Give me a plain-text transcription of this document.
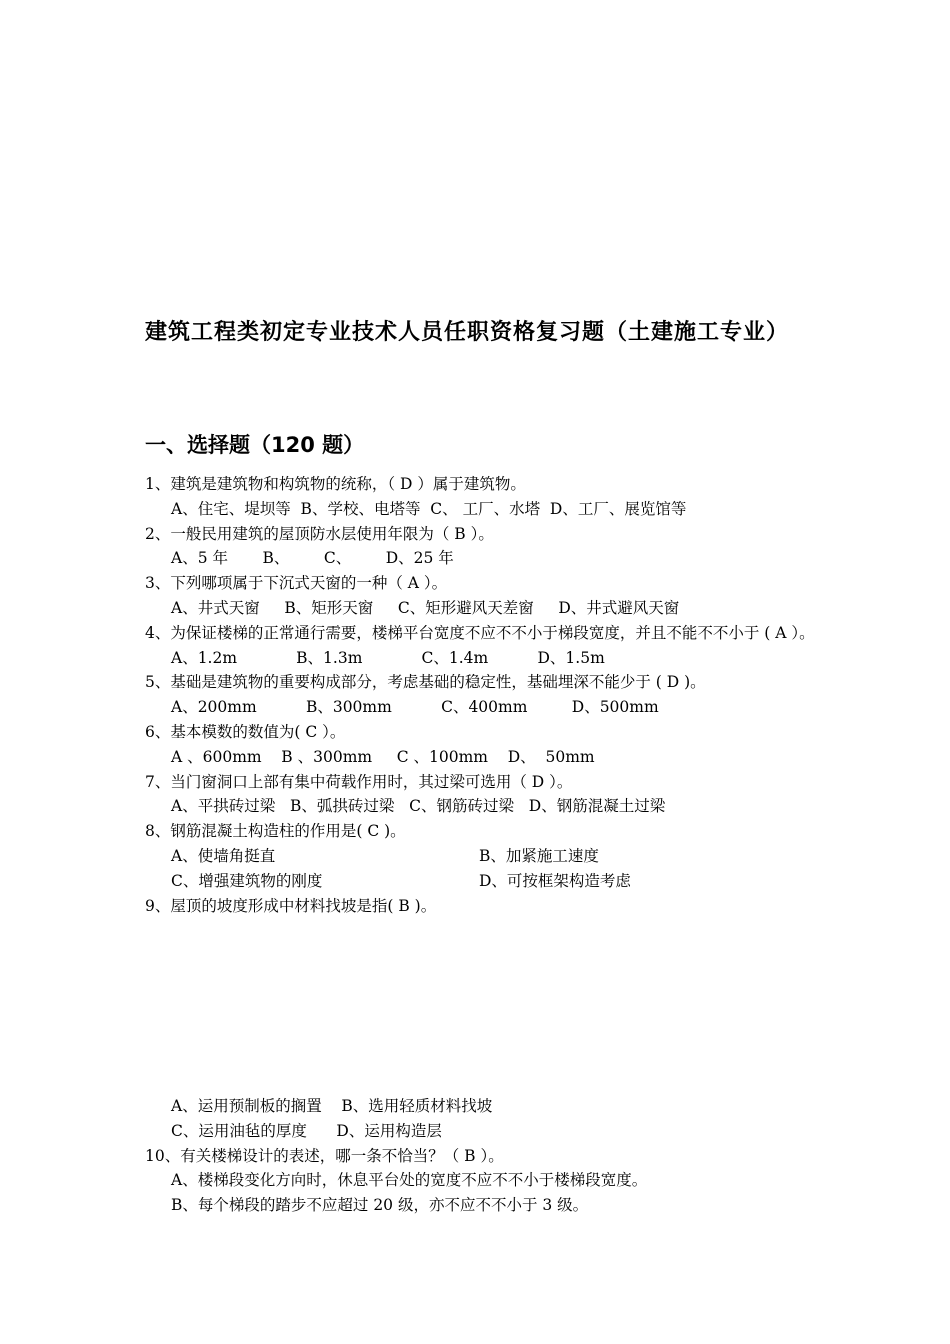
建筑工程类初定专业技术人员任职资格复习题（土建施工专业）
一、选择题（120 题）
1、建筑是建筑物和构筑物的统称，（ D ）属于建筑物。
A、住宅、堤坝等  B、学校、电塔等  C、 工厂、水塔  D、工厂、展览馆等
2、一般民用建筑的屋顶防水层使用年限为（ B ）。
A、5 年       B、       C、       D、25 年
3、下列哪项属于下沉式天窗的一种（ A ）。
A、井式天窗     B、矩形天窗     C、矩形避风天差窗     D、井式避风天窗
4、为保证楼梯的正常通行需要，楼梯平台宽度不应不不小于梯段宽度，并且不能不不小于 ( A ）。
A、1.2m            B、1.3m            C、1.4m          D、1.5m
5、基础是建筑物的重要构成部分，考虑基础的稳定性，基础埋深不能少于 ( D )。
A、200mm          B、300mm          C、400mm         D、500mm
6、基本模数的数值为( C ）。
A 、600mm    B 、300mm     C 、100mm    D、  50mm
7、当门窗洞口上部有集中荷载作用时，其过梁可选用（ D ）。
A、平拱砖过梁   B、弧拱砖过梁   C、钢筋砖过梁   D、钢筋混凝土过梁
8、钢筋混凝土构造柱的作用是( C )。
A、使墙角挺直	B、加紧施工速度
C、增强建筑物的刚度	D、可按框架构造考虑
9、屋顶的坡度形成中材料找坡是指( B )。
A、运用预制板的搁置    B、选用轻质材料找坡
C、运用油毡的厚度      D、运用构造层
10、有关楼梯设计的表述，哪一条不恰当？（ B ）。
A、楼梯段变化方向时，休息平台处的宽度不应不不小于楼梯段宽度。
B、每个梯段的踏步不应超过 20 级，亦不应不不小于 3 级。
